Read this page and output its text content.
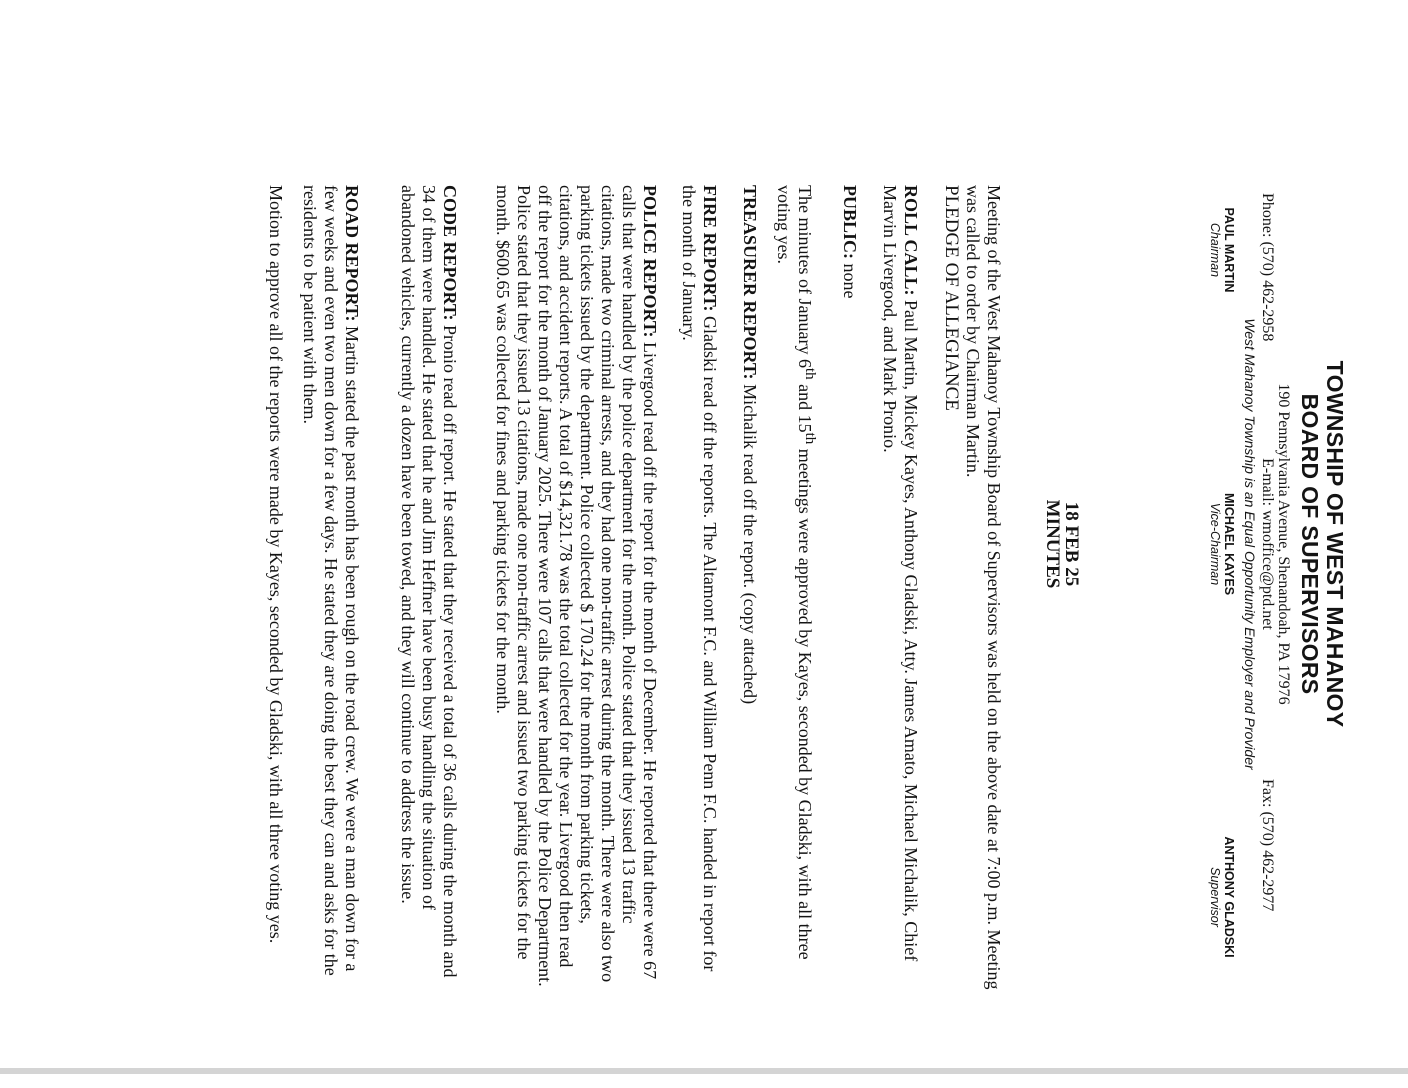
TOWNSHIP OF WEST MAHANOY
BOARD OF SUPERVISORS
190 Pennsylvania Avenue, Shenandoah, PA 17976
Phone: (570) 462-2958
E-mail: wmoffice@ptd.net
Fax: (570) 462-2977
West Mahanoy Township is an Equal Opportunity Employer and Provider
PAUL MARTIN
Chairman
MICHAEL KAYES
Vice-Chairman
ANTHONY GLADSKI
Supervisor
18 FEB 25
MINUTES

Meeting of the West Mahanoy Township Board of Supervisors was held on the above date at 7:00 p.m. Meeting was called to order by Chairman Martin.

PLEDGE OF ALLEGIANCE

ROLL CALL: Paul Martin, Mickey Kayes, Anthony Gladski, Atty. James Amato, Michael Michalik, Chief Marvin Livergood, and Mark Pronio.

PUBLIC: none

The minutes of January 6th and 15th meetings were approved by Kayes, seconded by Gladski, with all three voting yes.

TREASURER REPORT: Michalik read off the report. (copy attached)

FIRE REPORT: Gladski read off the reports. The Altamont F.C. and William Penn F.C. handed in report for the month of January.

POLICE REPORT: Livergood read off the report for the month of December. He reported that there were 67 calls that were handled by the police department for the month. Police stated that they issued 13 traffic citations, made two criminal arrests, and they had one non-traffic arrest during the month. There were also two parking tickets issued by the department. Police collected $ 170.24 for the month from parking tickets, citations, and accident reports. A total of $14,321.78 was the total collected for the year. Livergood then read off the report for the month of January 2025. There were 107 calls that were handled by the Police Department. Police stated that they issued 13 citations, made one non-traffic arrest and issued two parking tickets for the month. $600.65 was collected for fines and parking tickets for the month.

CODE REPORT: Pronio read off report. He stated that they received a total of 36 calls during the month and 34 of them were handled. He stated that he and Jim Heffner have been busy handling the situation of abandoned vehicles, currently a dozen have been towed, and they will continue to address the issue.

ROAD REPORT: Martin stated the past month has been rough on the road crew. We were a man down for a few weeks and even two men down for a few days. He stated they are doing the best they can and asks for the residents to be patient with them.

Motion to approve all of the reports were made by Kayes, seconded by Gladski, with all three voting yes.
